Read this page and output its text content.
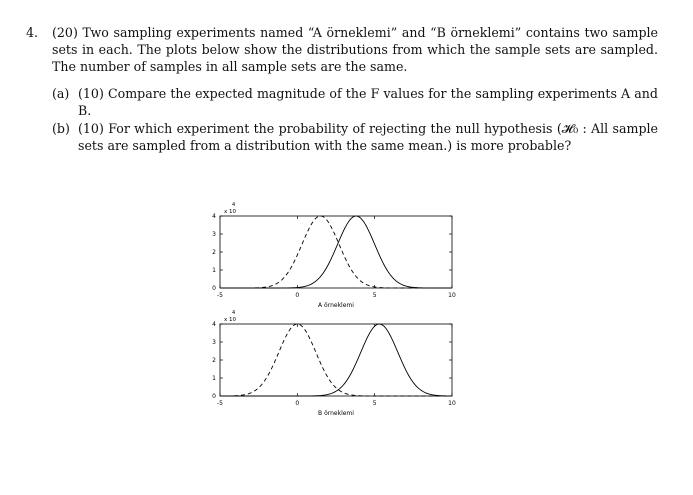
4.	(20) Two sampling experiments named “A örneklemi” and “B örneklemi” contains two sample sets in each. The plots below show the distributions from which the sample sets are sampled. The number of samples in all sample sets are the same.
(a) (10) Compare the expected magnitude of the F values for the sampling experiments A and B.
(b) (10) For which experiment the probability of rejecting the null hypothesis (𝓗₀ : All sample sets are sampled from a distribution with the same mean.) is more probable?
-5	0	5	10
0
1
2
3
4
x 10
4
A örneklemi
-5	0	5	10
0
1
2
3
4
x 10
4
B örneklemi
